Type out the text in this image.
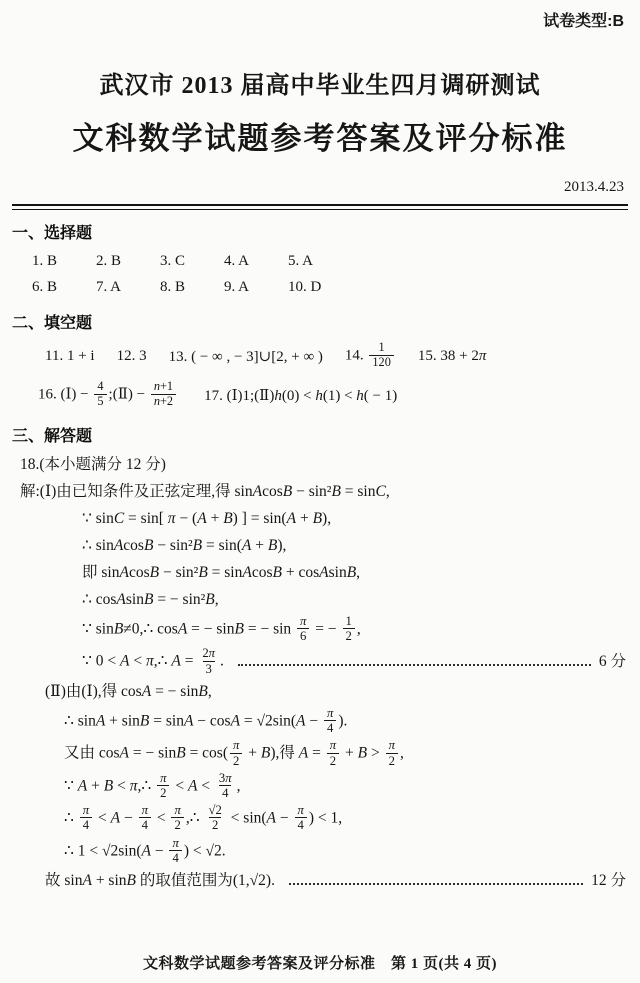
试卷类型:B
武汉市 2013 届高中毕业生四月调研测试
文科数学试题参考答案及评分标准
2013.4.23
一、选择题
1. B	2. B	3. C	4. A	5. A
6. B	7. A	8. B	9. A	10. D
二、填空题
11. 1 + i 12. 3 13. ( − ∞ , − 3]∪[2, + ∞ ) 14. $\frac{1}{120} 15$. 38 + 2π
16. (Ⅰ) − $\frac{4}{5}$ ;(Ⅱ) − $\frac{n+1}{n+2} 17$. (Ⅰ)1;(Ⅱ)h(0) < h(1) < h( − 1)
三、解答题
18.(本小题满分 12 分)
解:(Ⅰ)由已知条件及正弦定理,得 sinAcosB − sin²B = sinC,
∵ sinC = sin[ π − (A + B) ] = sin(A + B),
∴ sinAcosB − sin²B = sin(A + B),
即 sinAcosB − sin²B = sinAcosB + cosAsinB,
∴ cosAsinB = − sin²B,
∵ sinB≠0,∴ cosA = − sinB = − $\sin \frac{\pi}{6}$ = − $\frac{1}{2}$ ,
∵ 0 < A < π,∴ $A = \frac{2\pi}{3}$ .	6 分
(Ⅱ)由(Ⅰ),得 cosA = − sinB,
∴ $\sin A + \sin B = \sin A - \cos A = √2\sin(A - \frac{\pi}{4}$ ).
又由 cosA = − $\sin B = \cos( \frac{\pi}{2} + B)$,得 $A = \frac{\pi}{2} + B > \frac{\pi}{2}$ ,
∵ A + B < π,∴ $\frac{\pi}{2} < A < \frac{3\pi}{4}$ ,
∴ $\frac{\pi}{4} < A - \frac{\pi}{4} < \frac{\pi}{2}$ ,∴ $\frac{√2}{2} < \sin(A - \frac{\pi}{4}$ ) < 1,
∴ $1 < √2\sin(A - \frac{\pi}{4}$ ) < √2.
故 sinA + sinB 的取值范围为(1,√2).	12 分
文科数学试题参考答案及评分标准　第 1 页(共 4 页)
